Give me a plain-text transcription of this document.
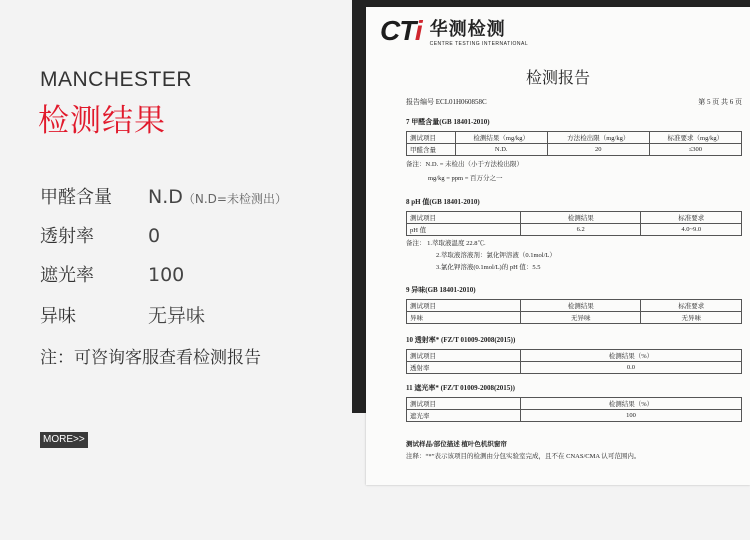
MANCHESTER
检测结果
甲醛含量 N.D（N.D=未检测出）
透射率	0
遮光率	100
异味	无异味
注：可咨询客服查看检测报告
MORE>>
CTi 华测检测
CENTRE TESTING INTERNATIONAL
检测报告
报告编号 ECL01H060858C	第 5 页 共 6 页
7 甲醛含量(GB 18401-2010)
测试项目	检测结果（mg/kg）	方法检出限（mg/kg）	标准要求（mg/kg）
甲醛含量	N.D.	20	≤300
备注：N.D. = 未检出（小于方法检出限）
mg/kg = ppm = 百万分之一
8 pH 值(GB 18401-2010)
测试项目	检测结果	标准要求
pH 值	6.2	4.0~9.0
备注： 1.萃取液温度 22.8℃.
2.萃取液溶液剂：氯化钾溶液（0.1mol/L）
3.氯化钾溶液(0.1mol/L)的 pH 值：5.5
9 异味(GB 18401-2010)
测试项目	检测结果	标准要求
异味	无异味	无异味
10 透射率* (FZ/T 01009-2008(2015))
测试项目	检测结果（%）
透射率	0.0
11 遮光率* (FZ/T 01009-2008(2015))
测试项目	检测结果（%）
遮光率	100
测试样品/部位描述 植叶色机织窗帘
注释：“*”表示该项目的检测由分包实验室完成，且不在 CNAS/CMA 认可范围内。
